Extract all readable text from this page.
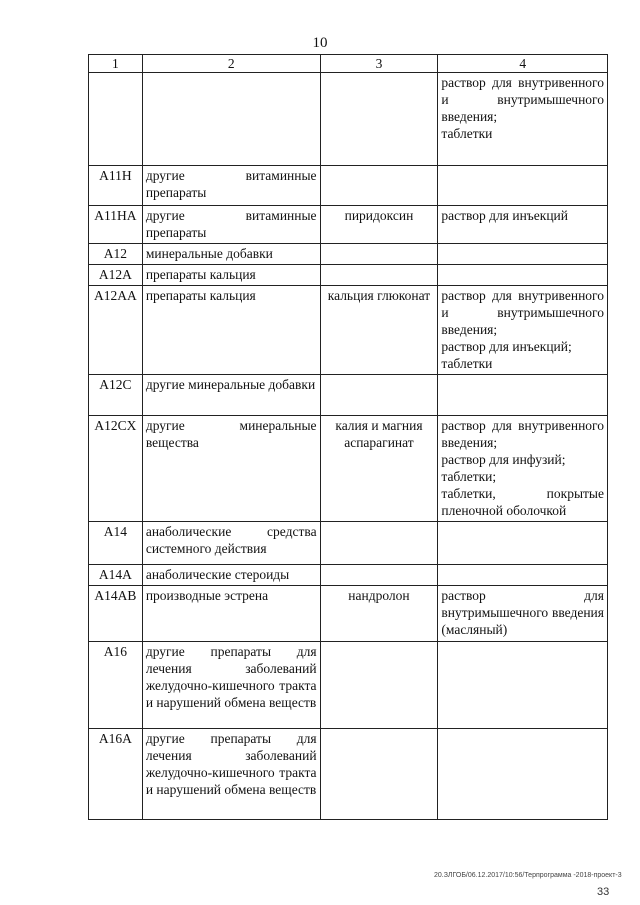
10
1	2	3	4
			раствор для внутривенного и внутримышечного введения;
таблетки
A11H	другие витаминные препараты		
A11HA	другие витаминные препараты	пиридоксин	раствор для инъекций
A12	минеральные добавки		
A12A	препараты кальция		
A12AA	препараты кальция	кальция глюконат	раствор для внутривенного и внутримышечного введения;
раствор для инъекций;
таблетки
A12C	другие минеральные добавки		
A12CX	другие минеральные вещества	калия и магния аспарагинат	раствор для внутривенного введения;
раствор для инфузий;
таблетки;
таблетки, покрытые пленочной оболочкой
A14	анаболические средства системного действия		
A14A	анаболические стероиды		
A14AB	производные эстрена	нандролон	раствор для внутримышечного введения (масляный)
A16	другие препараты для лечения заболеваний желудочно-кишечного тракта и нарушений обмена веществ		
A16A	другие препараты для лечения заболеваний желудочно-кишечного тракта и нарушений обмена веществ		
20.ЗЛГОБ/06.12.2017/10:56/Терпрограмма -2018-проект-3
33
